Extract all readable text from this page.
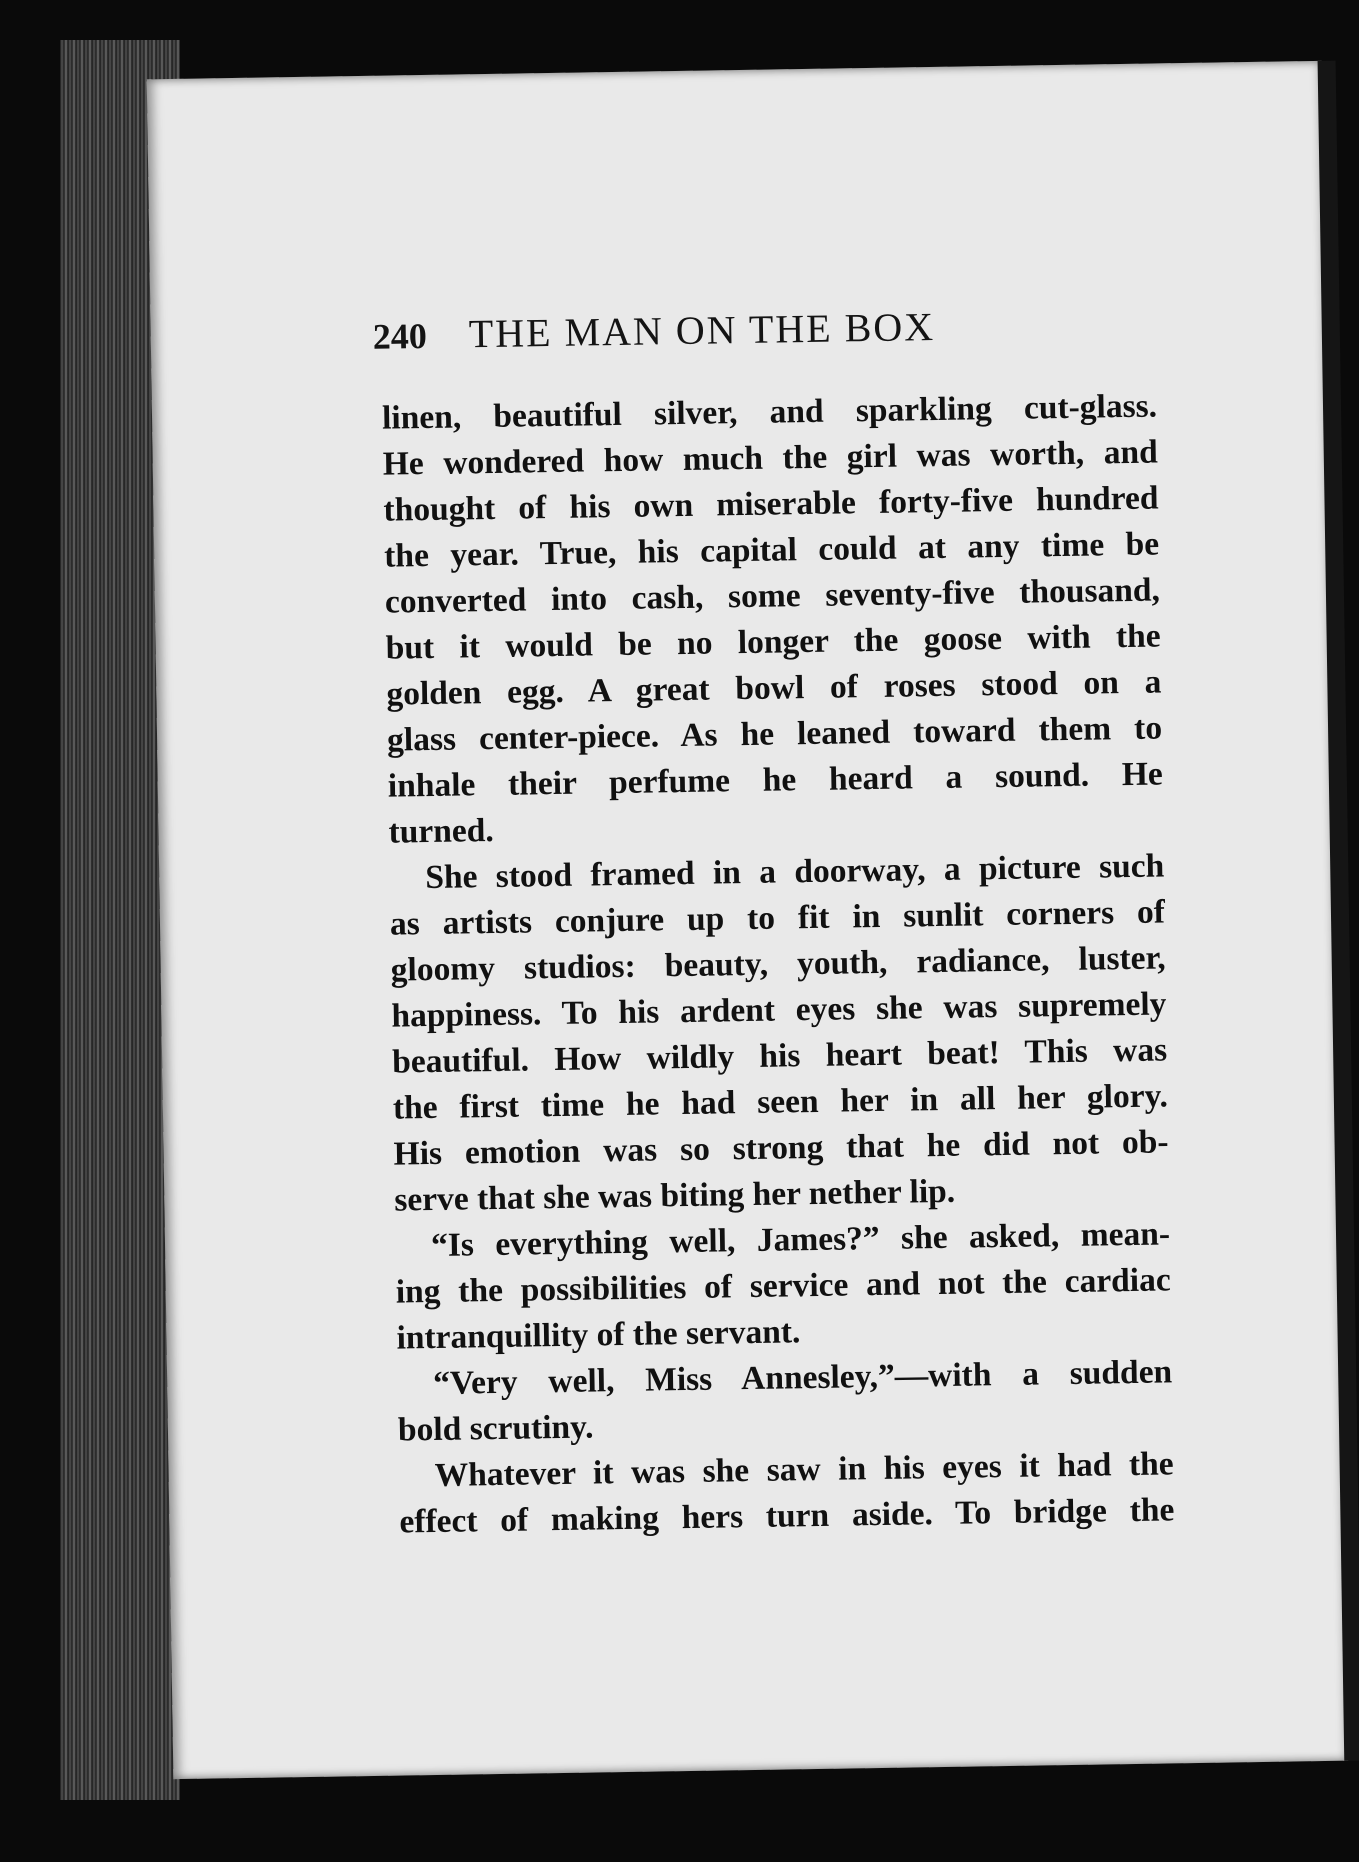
240 THE MAN ON THE BOX
linen, beautiful silver, and sparkling cut-glass.
He wondered how much the girl was worth, and
thought of his own miserable forty-five hundred
the year. True, his capital could at any time be
converted into cash, some seventy-five thousand,
but it would be no longer the goose with the
golden egg. A great bowl of roses stood on a
glass center-piece. As he leaned toward them to
inhale their perfume he heard a sound. He
turned.
She stood framed in a doorway, a picture such
as artists conjure up to fit in sunlit corners of
gloomy studios: beauty, youth, radiance, luster,
happiness. To his ardent eyes she was supremely
beautiful. How wildly his heart beat! This was
the first time he had seen her in all her glory.
His emotion was so strong that he did not ob-
serve that she was biting her nether lip.
“Is everything well, James?” she asked, mean-
ing the possibilities of service and not the cardiac
intranquillity of the servant.
“Very well, Miss Annesley,”—with a sudden
bold scrutiny.
Whatever it was she saw in his eyes it had the
effect of making hers turn aside. To bridge the
